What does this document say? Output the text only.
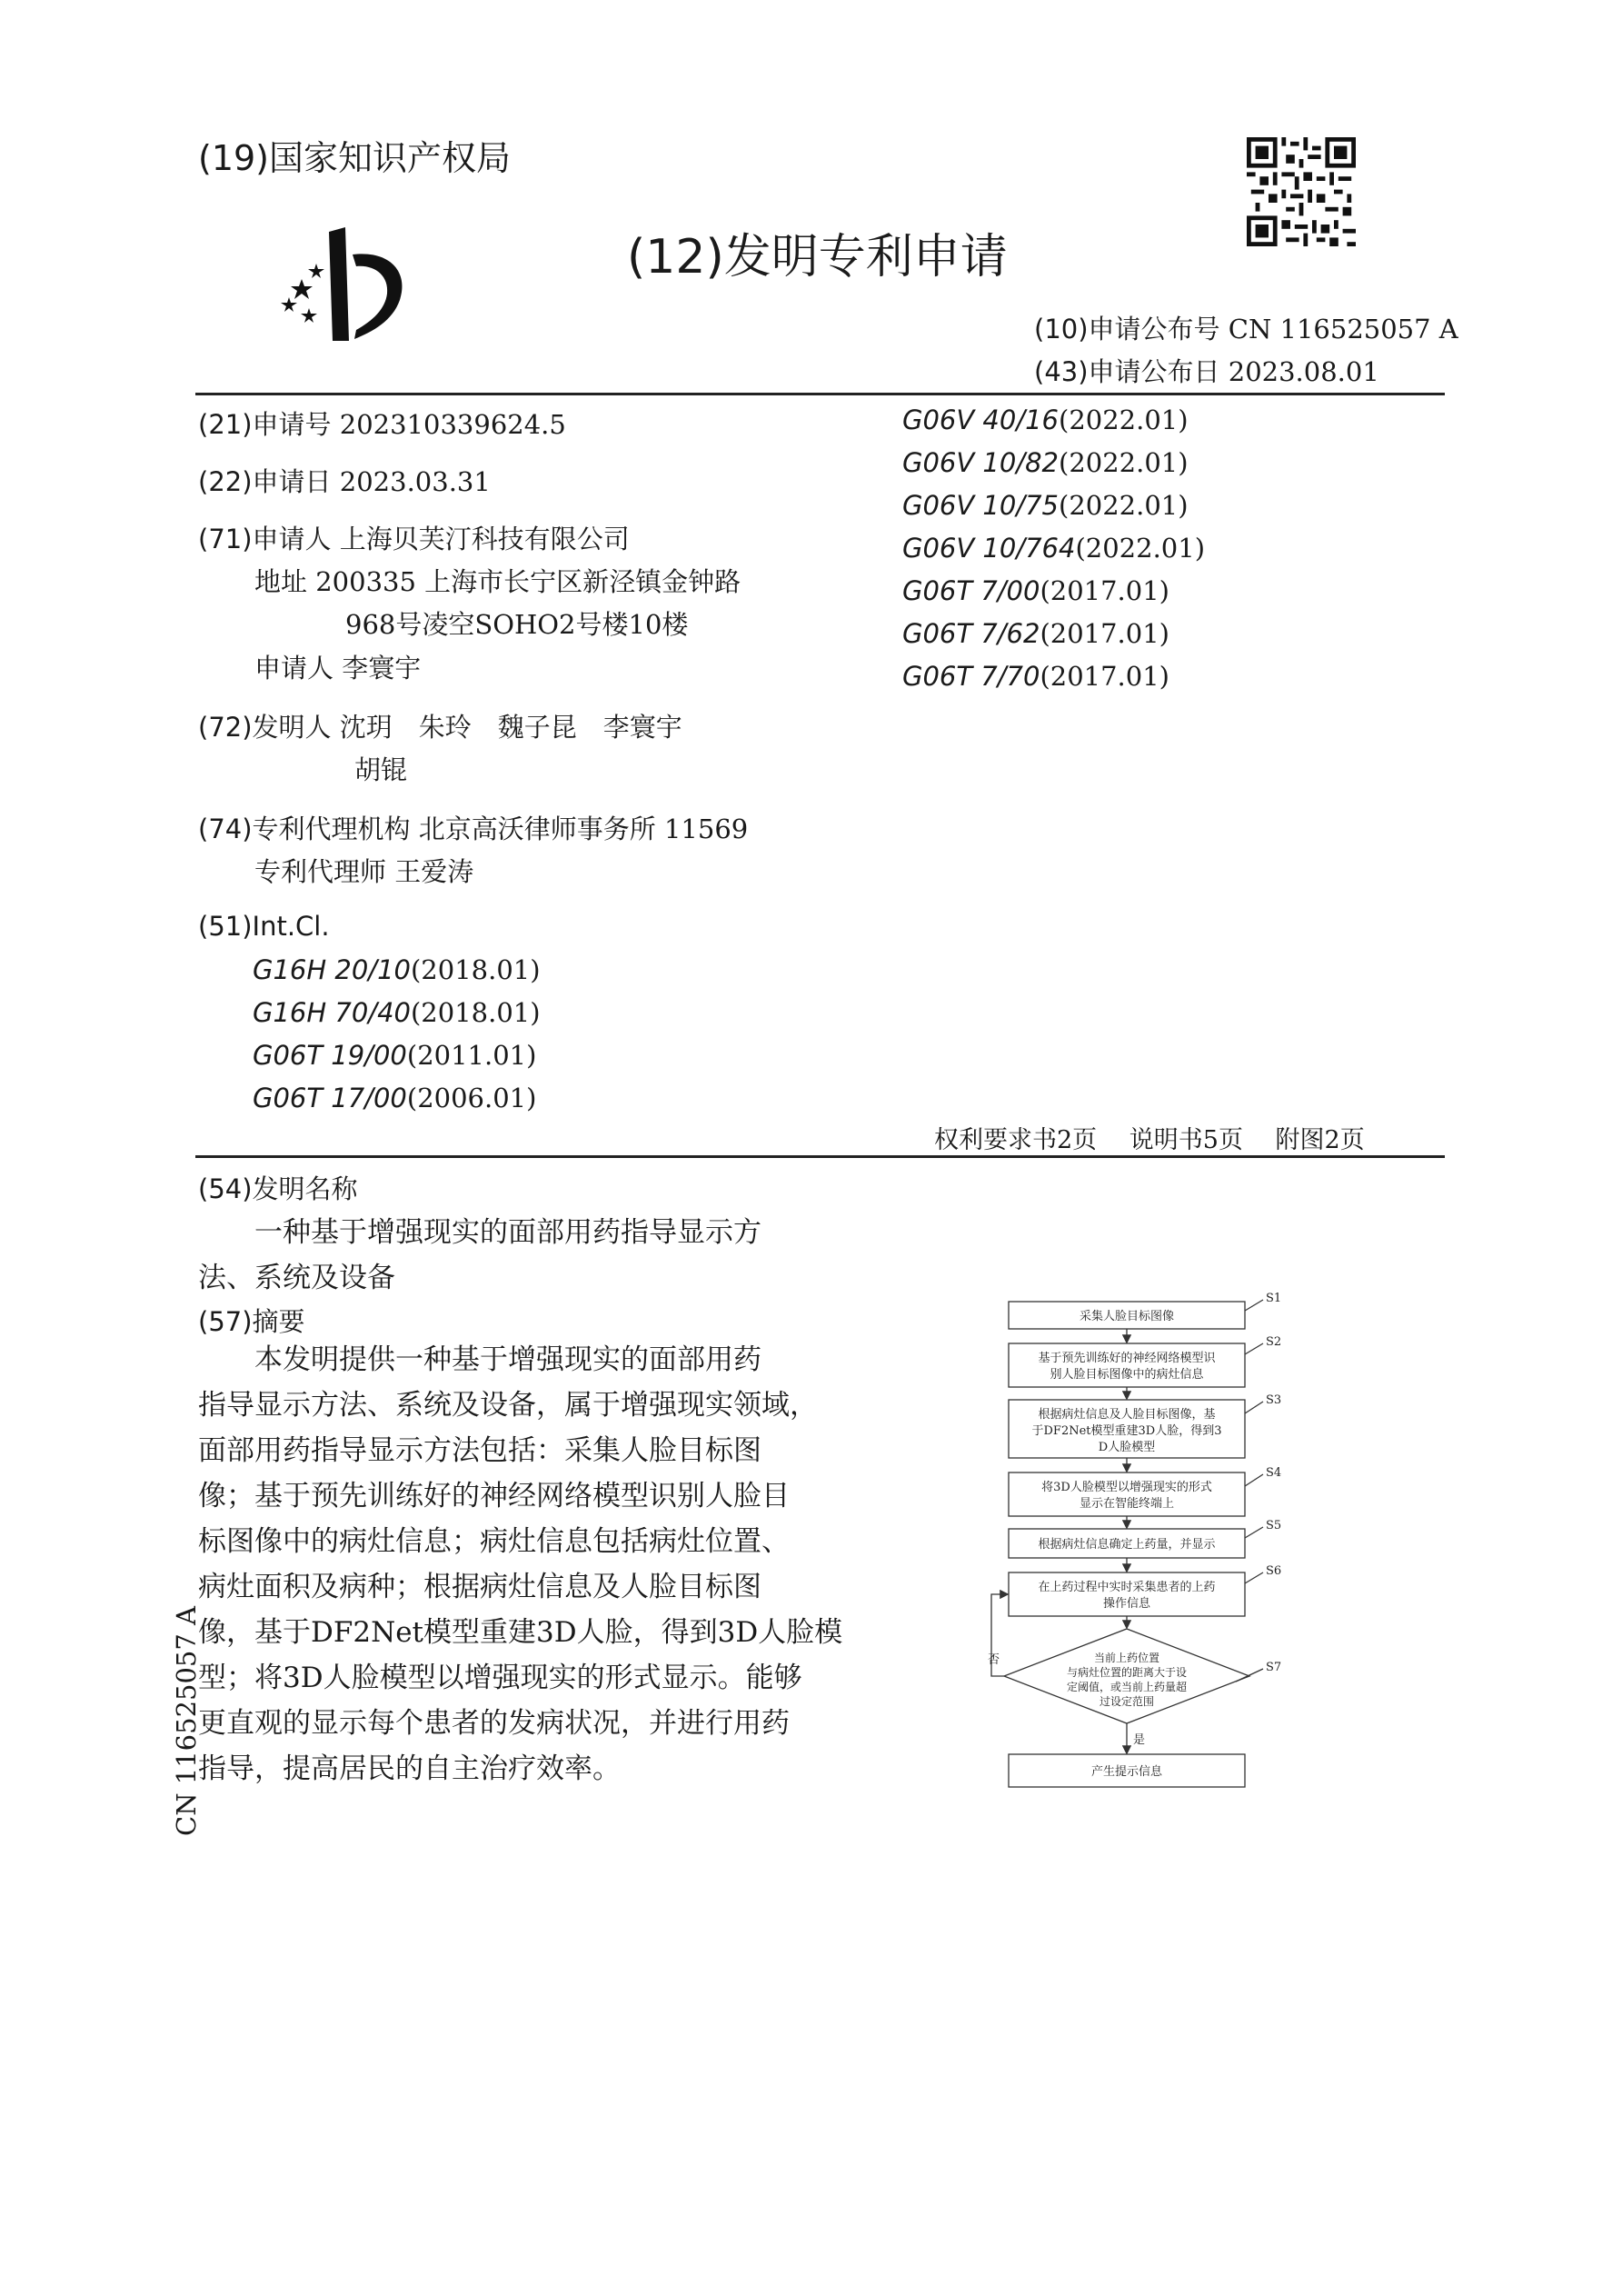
(19)国家知识产权局
(12)发明专利申请
(10)申请公布号 CN 116525057 A
(43)申请公布日 2023.08.01
(21)申请号 202310339624.5
(22)申请日 2023.03.31
(71)申请人 上海贝芙汀科技有限公司
地址 200335 上海市长宁区新泾镇金钟路
968号凌空SOHO2号楼10楼
申请人 李寰宇
(72)发明人 沈玥　朱玲　魏子昆　李寰宇
胡锟
(74)专利代理机构 北京高沃律师事务所 11569
专利代理师 王爱涛
(51)Int.Cl.
G16H 20/10(2018.01)
G16H 70/40(2018.01)
G06T 19/00(2011.01)
G06T 17/00(2006.01)
G06V 40/16(2022.01)
G06V 10/82(2022.01)
G06V 10/75(2022.01)
G06V 10/764(2022.01)
G06T 7/00(2017.01)
G06T 7/62(2017.01)
G06T 7/70(2017.01)
权利要求书2页　 说明书5页　 附图2页
(54)发明名称
一种基于增强现实的面部用药指导显示方
法、系统及设备
(57)摘要
本发明提供一种基于增强现实的面部用药
指导显示方法、系统及设备，属于增强现实领域，
面部用药指导显示方法包括：采集人脸目标图
像；基于预先训练好的神经网络模型识别人脸目
标图像中的病灶信息；病灶信息包括病灶位置、
病灶面积及病种；根据病灶信息及人脸目标图
像，基于DF2Net模型重建3D人脸，得到3D人脸模
型；将3D人脸模型以增强现实的形式显示。能够
更直观的显示每个患者的发病状况，并进行用药
指导，提高居民的自主治疗效率。
CN 116525057 A
采集人脸目标图像
基于预先训练好的神经网络模型识
别人脸目标图像中的病灶信息
根据病灶信息及人脸目标图像，基
于DF2Net模型重建3D人脸，得到3
D人脸模型
将3D人脸模型以增强现实的形式
显示在智能终端上
根据病灶信息确定上药量，并显示
在上药过程中实时采集患者的上药
操作信息
当前上药位置
与病灶位置的距离大于设
定阈值，或当前上药量超
过设定范围
产生提示信息
否
是
S1
S2
S3
S4
S5
S6
S7
